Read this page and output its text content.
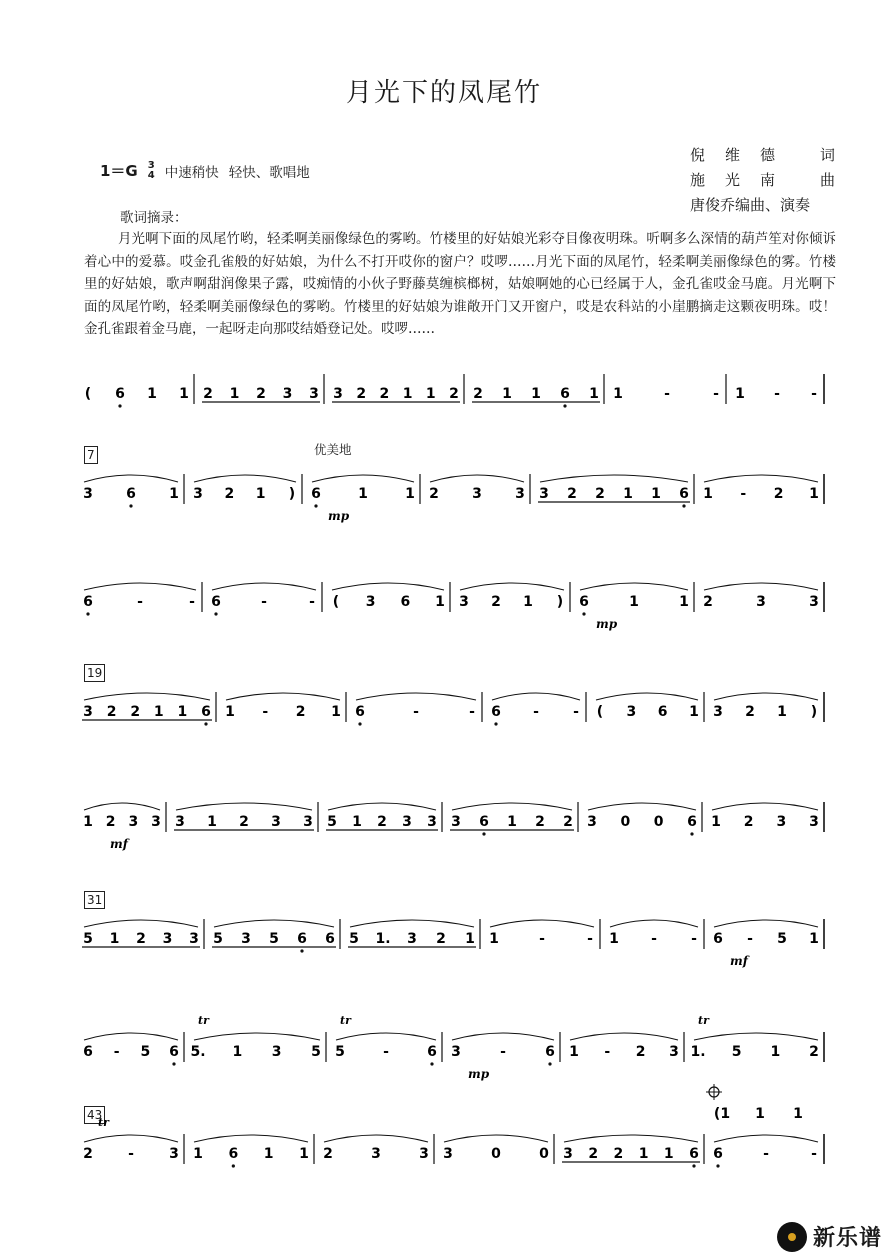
月光下的凤尾竹
倪维德 词
施光南 曲
唐俊乔编曲、演奏
1＝G 3
4 中速稍快 轻快、歌唱地
歌词摘录：
月光啊下面的凤尾竹哟，轻柔啊美丽像绿色的雾哟。竹楼里的好姑娘光彩夺目像夜明珠。听啊多么深情的葫芦笙对你倾诉着心中的爱慕。哎金孔雀般的好姑娘，为什么不打开哎你的窗户？哎啰……月光下面的凤尾竹，轻柔啊美丽像绿色的雾。竹楼里的好姑娘，歌声啊甜润像果子露，哎痴情的小伙子野藤莫缠槟榔树，姑娘啊她的心已经属于人，金孔雀哎金马鹿。月光啊下面的凤尾竹哟，轻柔啊美丽像绿色的雾哟。竹楼里的好姑娘为谁敞开门又开窗户，哎是农科站的小崖鹏摘走这颗夜明珠。哎！金孔雀跟着金马鹿，一起呀走向那哎结婚登记处。哎啰……
优美地
( 6 1 1 2 1 2 3 3 3 2 2 1 1 2 2 1 1 6 1 1	-	- 1 - -
7
3 6 1 3 2 1 ) 6	1	1 2 3 3 3 2 2 1 1 6 1 - 2 1
mp
6	-	- 6	-	- ( 3 6 1 3 2 1 ) 6	1	1 2	3	3
mp
19
3 2 2 1 1 6 1 - 2 1 6	-	- 6 - - ( 3 6 1 3 2 1 )
1 2 3 3 3 1 2 3 3 5 1 2 3 3 3 6 1 2 2 3 0 0 6 1 2 3 3
mf
31
5 1 2 3 3 5 3 5 6 6 5 1. 3 2 1 1	-	- 1 - - 6 - 5 1
mf
6 - 5 6 5. 1 3 5 5	-	6 3	-	6 1 - 2 3 1. 5 1 2
mp
tr	tr	tr
43
2	-	3 1 6 1 1 2	3	3 3	0	0 3 2 2 1 1 6 6	-	-
tr
(1 1 1
新乐谱
